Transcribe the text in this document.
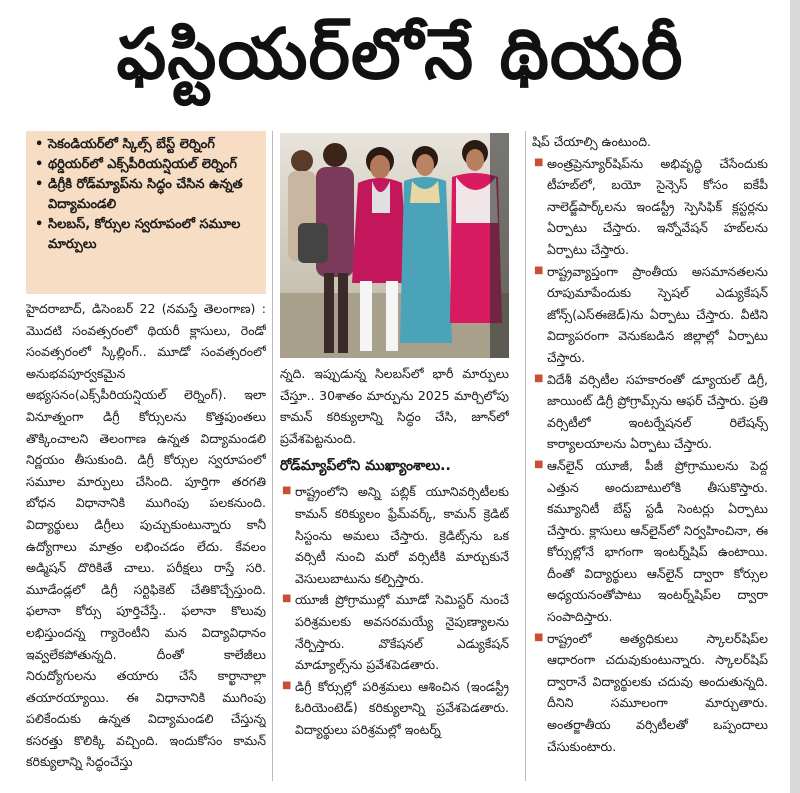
ఫస్టియర్‌లోనే థియరీ
• సెకండియర్‌లో స్కిల్స్‌ బేస్ట్‌ లెర్నింగ్‌
• థర్డియర్‌లో ఎక్స్‌పీరియన్షియల్‌ లెర్నింగ్‌
• డిగ్రీకి రోడ్‌మ్యాప్‌ను సిద్ధం చేసిన ఉన్నత విద్యామండలి
• సిలబస్‌, కోర్సుల స్వరూపంలో సమూల మార్పులు

హైదరాబాద్‌, డిసెంబర్‌ 22 (నమస్తే తెలంగాణ) : మొదటి సంవత్సరంలో థియరీ క్లాసులు, రెండో సంవత్సరంలో స్కిల్లింగ్‌.. మూడో సంవత్సరంలో అనుభవపూర్వకమైన అభ్యసనం(ఎక్స్‌పీరియన్షియల్‌ లెర్నింగ్‌). ఇలా వినూత్నంగా డిగ్రీ కోర్సులను కొత్తపుంతలు తొక్కించాలని తెలంగాణ ఉన్నత విద్యామండలి నిర్ణయం తీసుకుంది. డిగ్రీ కోర్సుల స్వరూపంలో సమూల మార్పులు చేసింది. పూర్తిగా తరగతి బోధన విధానానికి ముగింపు పలకనుంది. విద్యార్థులు డిగ్రీలు పుచ్చుకుంటున్నారు కానీ ఉద్యోగాలు మాత్రం లభించడం లేదు. కేవలం అడ్మిషన్‌ దొరికితే చాలు. పరీక్షలు రాస్తే సరి. మూడేండ్లలో డిగ్రీ సర్టిఫికెట్‌ చేతికొచ్చేస్తుంది. ఫలానా కోర్సు పూర్తిచేస్తే.. ఫలానా కొలువు లభిస్తుందన్న గ్యారెంటీని మన విద్యావిధానం ఇవ్వలేకపోతున్నది. దీంతో కాలేజీలు నిరుద్యోగులను తయారు చేసే కార్ఖానాల్లా తయారయ్యాయి. ఈ విధానానికి ముగింపు పలికేందుకు ఉన్నత విద్యామండలి చేస్తున్న కసరత్తు కొలిక్కి వచ్చింది. ఇందుకోసం కామన్‌ కరిక్యులాన్ని సిద్ధంచేస్తు

న్నది. ఇప్పుడున్న సిలబస్‌లో భారీ మార్పులు చేస్తూ.. 30శాతం మార్పును 2025 మార్చిలోపు కామన్‌ కరిక్యులాన్ని సిద్ధం చేసి, జూన్‌లో ప్రవేశపెట్టనుంది.

రోడ్‌మ్యాప్‌లోని ముఖ్యాంశాలు..
■ రాష్ట్రంలోని అన్ని పబ్లిక్‌ యూనివర్సిటీలకు కామన్‌ కరిక్యులం ఫ్రేమ్‌వర్క్‌, కామన్‌ క్రెడిట్‌ సిస్టంను అమలు చేస్తారు. క్రెడిట్స్‌ను ఒక వర్సిటీ నుంచి మరో వర్సిటీకి మార్చుకునే వెసులుబాటును కల్పిస్తారు.
■ యూజీ ప్రోగ్రాముల్లో మూడో సెమిస్టర్‌ నుంచే పరిశ్రమలకు అవసరమయ్యే నైపుణ్యాలను నేర్పిస్తారు. వొకేషనల్‌ ఎడ్యుకేషన్‌ మాడ్యూల్స్‌ను ప్రవేశపెడతారు.
■ డిగ్రీ కోర్సుల్లో పరిశ్రమలు ఆశించిన (ఇండస్ట్రీ ఓరియెంటెడ్‌) కరిక్యులాన్ని ప్రవేశపెడతారు. విద్యార్థులు పరిశ్రమల్లో ఇంటర్న్

షిప్‌ చేయాల్సి ఉంటుంది.

■ అంత్రప్రెన్యూర్‌షిప్‌ను అభివృద్ధి చేసేందుకు టీహబ్‌లో, బయో సైన్సెస్‌ కోసం ఐకేపీ నాలెడ్జ్‌పార్క్‌లను ఇండస్ట్రీ స్పెసిఫిక్‌ క్లస్టర్లను ఏర్పాటు చేస్తారు. ఇన్నోవేషన్‌ హబ్‌లను ఏర్పాటు చేస్తారు.
■ రాష్ట్రవ్యాప్తంగా ప్రాంతీయ అసమానతలను రూపుమాపేందుకు స్పెషల్‌ ఎడ్యుకేషన్‌ జోన్స్‌(ఎస్‌ఈజెడ్‌)ను ఏర్పాటు చేస్తారు. వీటిని విద్యాపరంగా వెనుకబడిన జిల్లాల్లో ఏర్పాటు చేస్తారు.
■ విదేశీ వర్సిటీల సహకారంతో డ్యూయల్‌ డిగ్రీ, జాయింట్‌ డిగ్రీ ప్రోగ్రామ్స్‌ను ఆఫర్‌ చేస్తారు. ప్రతి వర్సిటీలో ఇంటర్నేషనల్‌ రిలేషన్స్‌ కార్యాలయాలను ఏర్పాటు చేస్తారు.
■ ఆన్‌లైన్‌ యూజీ, పీజీ ప్రోగ్రాములను పెద్ద ఎత్తున అందుబాటులోకి తీసుకొస్తారు. కమ్యూనిటీ బేస్ట్‌ స్టడీ సెంటర్లు ఏర్పాటు చేస్తారు. క్లాసులు ఆన్‌లైన్‌లో నిర్వహించినా, ఈ కోర్సుల్లోనే భాగంగా ఇంటర్న్‌షిప్‌ ఉంటాయి. దీంతో విద్యార్థులు ఆన్‌లైన్‌ ద్వారా కోర్సుల అధ్యయనంతోపాటు ఇంటర్న్‌షిప్‌ల ద్వారా సంపాదిస్తారు.
■ రాష్ట్రంలో అత్యధికులు స్కాలర్‌షిప్‌ల ఆధారంగా చదువుకుంటున్నారు. స్కాలర్‌షిప్‌ ద్వారానే విద్యార్థులకు చదువు అందుతున్నది. దీనిని సమూలంగా మార్చుతారు. అంతర్జాతీయ వర్సిటీలతో ఒప్పందాలు చేసుకుంటారు.
